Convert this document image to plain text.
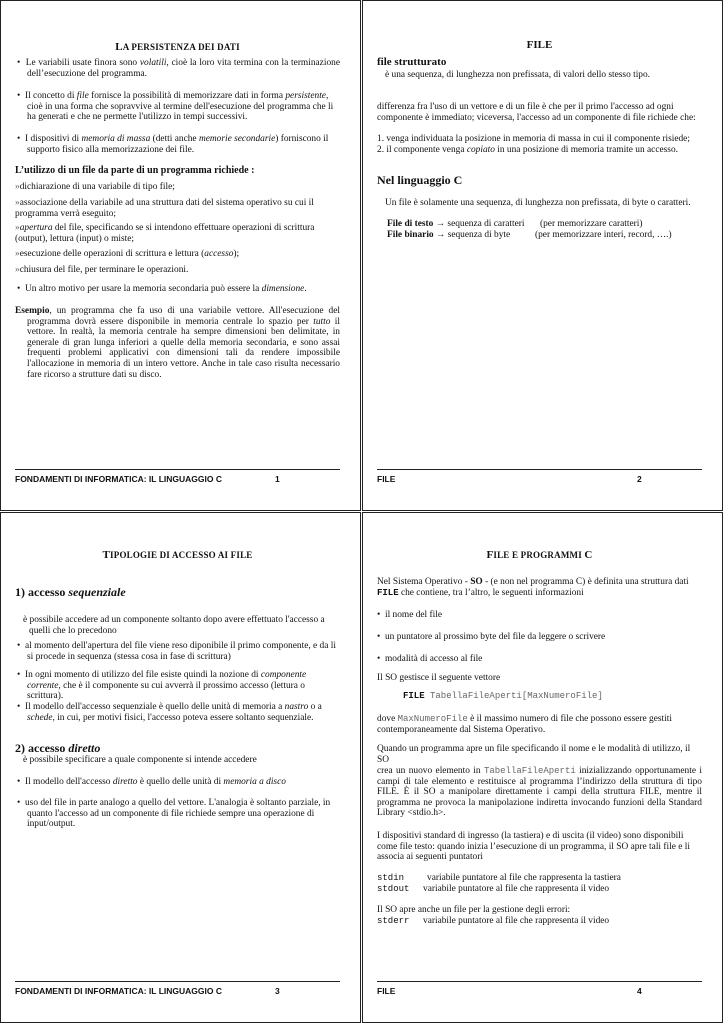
LA PERSISTENZA DEI DATI
•  Le variabili usate finora sono volatili, cioè la loro vita termina con la terminazione dell’esecuzione del programma.
•  Il concetto di file fornisce la possibilità di memorizzare dati in forma persistente, cioè in una forma che sopravvive al termine dell'esecuzione del programma che li ha generati e che ne permette l'utilizzo in tempi successivi.
•  I dispositivi di memoria di massa (detti anche memorie secondarie) forniscono il supporto fisico alla memorizzazione dei file.
L’utilizzo di un file da parte di un programma richiede :
»dichiarazione di una variabile di tipo file;
»associazione della variabile ad una struttura dati del sistema operativo su cui il programma verrà eseguito;
»apertura del file, specificando se si intendono effettuare operazioni di scrittura (output), lettura (input) o miste;
»esecuzione delle operazioni di scrittura e lettura (accesso);
»chiusura del file, per terminare le operazioni.
•  Un altro motivo per usare la memoria secondaria può essere la dimensione.
Esempio, un programma che fa uso di una variabile vettore. All'esecuzione del programma dovrà essere disponibile in memoria centrale lo spazio per tutto il vettore. In realtà, la memoria centrale ha sempre dimensioni ben delimitate, in generale di gran lunga inferiori a quelle della memoria secondaria, e sono assai frequenti problemi applicativi con dimensioni tali da rendere impossibile l'allocazione in memoria di un intero vettore. Anche in tale caso risulta necessario fare ricorso a strutture dati su disco.
FONDAMENTI DI INFORMATICA: IL LINGUAGGIO C	1
FILE
file strutturato
è una sequenza, di lunghezza non prefissata, di valori dello stesso tipo.
differenza fra l'uso di un vettore e di un file è che per il primo l'accesso ad ogni componente è immediato; viceversa, l'accesso ad un componente di file richiede che:
1. venga individuata la posizione in memoria di massa in cui il componente risiede;
2. il componente venga copiato in una posizione di memoria tramite un accesso.
Nel linguaggio C
Un file è solamente una sequenza, di lunghezza non prefissata, di byte o caratteri.
File di testo → sequenza di caratteri (per memorizzare caratteri)
File binario → sequenza di byte	(per memorizzare interi, record, ….)
FILE	2
TIPOLOGIE DI ACCESSO AI FILE
1) accesso sequenziale
è possibile accedere ad un componente soltanto dopo avere effettuato l'accesso a quelli che lo precedono
•  al momento dell'apertura del file viene reso diponibile il primo componente, e da lì si procede in sequenza (stessa cosa in fase di scrittura)
•  In ogni momento di utilizzo del file esiste quindi la nozione di componente corrente, che è il componente su cui avverrà il prossimo accesso (lettura o scrittura).
•  Il modello dell'accesso sequenziale è quello delle unità di memoria a nastro o a schede, in cui, per motivi fisici, l'accesso poteva essere soltanto sequenziale.
2) accesso diretto
è possibile specificare a quale componente si intende accedere
•  Il modello dell'accesso diretto è quello delle unità di memoria a disco
•  uso del file in parte analogo a quello del vettore. L'analogia è soltanto parziale, in quanto l'accesso ad un componente di file richiede sempre una operazione di input/output.
FONDAMENTI DI INFORMATICA: IL LINGUAGGIO C	3
FILE E PROGRAMMI C
Nel Sistema Operativo - SO - (e non nel programma C) è definita una struttura dati FILE che contiene, tra l’altro, le seguenti informazioni
•  il nome del file
•  un puntatore al prossimo byte del file da leggere o scrivere
•  modalità di accesso al file
Il SO gestisce il seguente vettore
FILE TabellaFileAperti[MaxNumeroFile]
dove MaxNumeroFile è il massimo numero di file che possono essere gestiti contemporaneamente dal Sistema Operativo.
Quando un programma apre un file specificando il nome e le modalità di utilizzo, il SO
crea un nuovo elemento in TabellaFileAperti inizializzando opportunamente i campi di tale elemento e restituisce al programma l’indirizzo della struttura di tipo FILE. È il SO a manipolare direttamente i campi della struttura FILE, mentre il programma ne provoca la manipolazione indiretta invocando funzioni della Standard Library <stdio.h>.
I dispositivi standard di ingresso (la tastiera) e di uscita (il video) sono disponibili come file testo: quando inizia l’esecuzione di un programma, il SO apre tali file e li associa ai seguenti puntatori
stdin variabile puntatore al file che rappresenta la tastiera
stdout variabile puntatore al file che rappresenta il video
Il SO apre anche un file per la gestione degli errori:
stderr variabile puntatore al file che rappresenta il video
FILE	4
